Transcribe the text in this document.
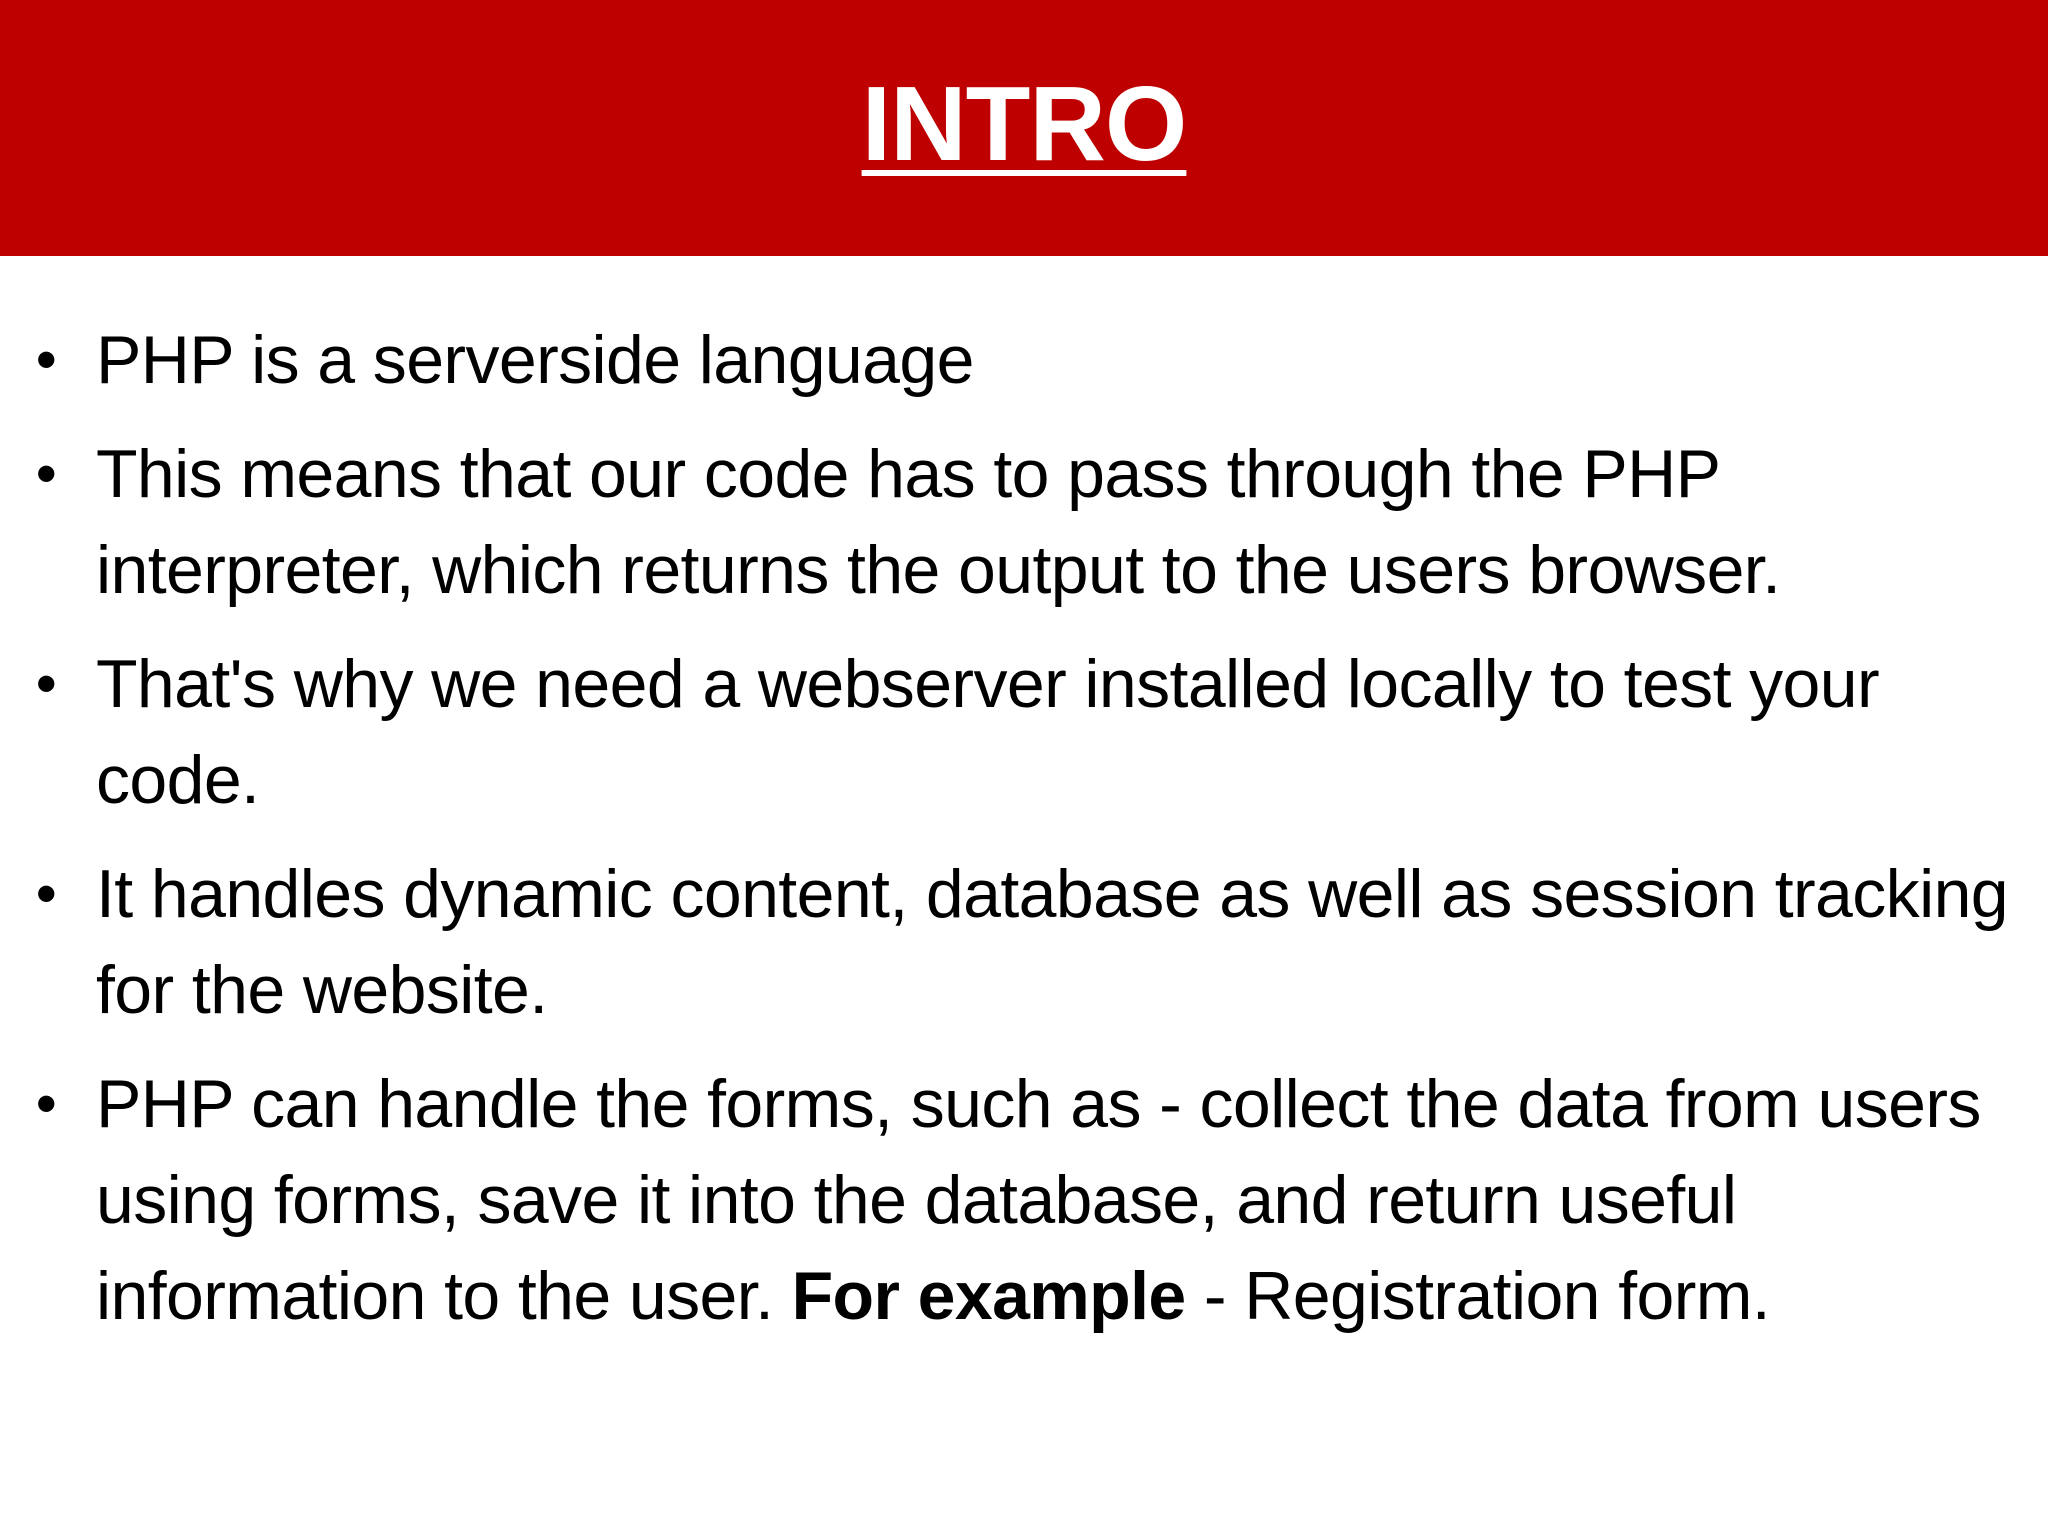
INTRO
• PHP is a serverside language
• This means that our code has to pass through the PHP interpreter, which returns the output to the users browser.
• That's why we need a webserver installed locally to test your code.
• It handles dynamic content, database as well as session tracking for the website.
• PHP can handle the forms, such as - collect the data from users using forms, save it into the database, and return useful information to the user. For example - Registration form.
